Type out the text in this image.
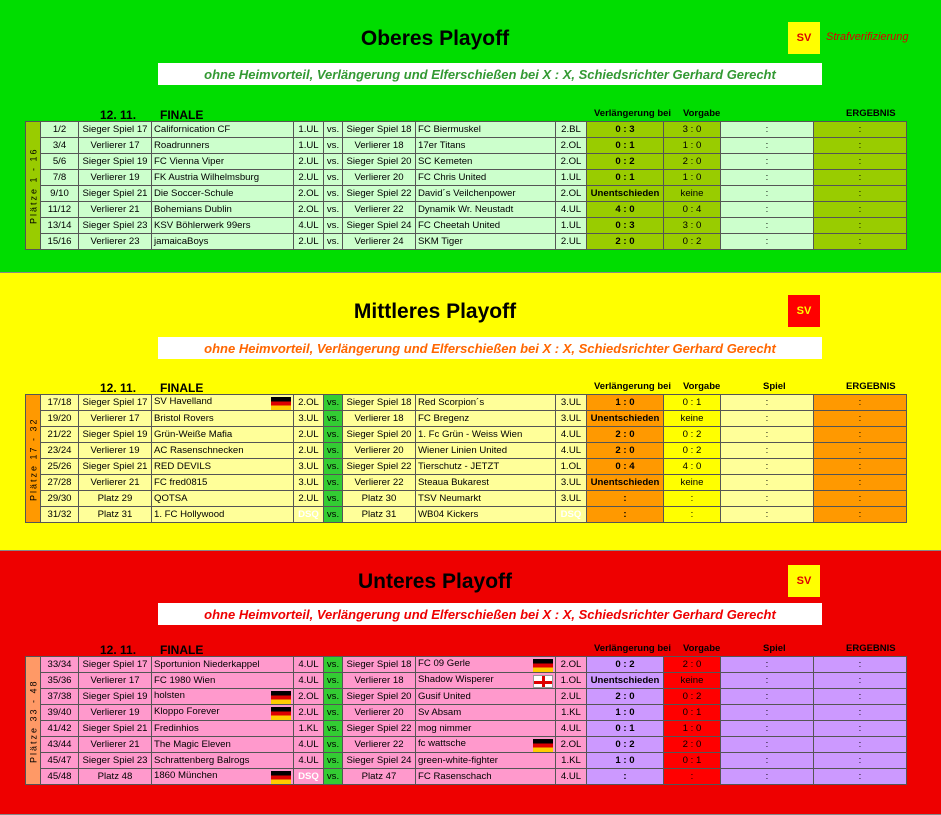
Oberes Playoff	SV	Strafverifizierung
ohne Heimvorteil, Verlängerung und Elferschießen bei X : X, Schiedsrichter Gerhard Gerecht
12. 11. FINALE	Verlängerung bei Vorgabe	ERGEBNIS
Plätze 1 - 16	1/2	Sieger Spiel 17	Californication CF	1.UL	vs.	Sieger Spiel 18	FC Biermuskel	2.BL	0 : 3	3 : 0	:	:
	3/4	Verlierer 17	Roadrunners	1.UL	vs.	Verlierer 18	17er Titans	2.OL	0 : 1	1 : 0	:	:
	5/6	Sieger Spiel 19	FC Vienna Viper	2.UL	vs.	Sieger Spiel 20	SC Kemeten	2.OL	0 : 2	2 : 0	:	:
	7/8	Verlierer 19	FK Austria Wilhelmsburg	2.UL	vs.	Verlierer 20	FC Chris United	1.UL	0 : 1	1 : 0	:	:
	9/10	Sieger Spiel 21	Die Soccer-Schule	2.OL	vs.	Sieger Spiel 22	David´s Veilchenpower	2.OL	Unentschieden	keine	:	:
	11/12	Verlierer 21	Bohemians Dublin	2.OL	vs.	Verlierer 22	Dynamik Wr. Neustadt	4.UL	4 : 0	0 : 4	:	:
	13/14	Sieger Spiel 23	KSV Böhlerwerk 99ers	4.UL	vs.	Sieger Spiel 24	FC Cheetah United	1.UL	0 : 3	3 : 0	:	:
	15/16	Verlierer 23	jamaicaBoys	2.UL	vs.	Verlierer 24	SKM Tiger	2.UL	2 : 0	0 : 2	:	:
Mittleres Playoff	SV
ohne Heimvorteil, Verlängerung und Elferschießen bei X : X, Schiedsrichter Gerhard Gerecht
12. 11. FINALE	Verlängerung bei Vorgabe	Spiel	ERGEBNIS
Plätze 17 - 32	17/18	Sieger Spiel 17	SV Havelland	2.OL	vs.	Sieger Spiel 18	Red Scorpion´s	3.UL	1 : 0	0 : 1	:	:
	19/20	Verlierer 17	Bristol Rovers	3.UL	vs.	Verlierer 18	FC Bregenz	3.UL	Unentschieden	keine	:	:
	21/22	Sieger Spiel 19	Grün-Weiße Mafia	2.UL	vs.	Sieger Spiel 20	1. Fc Grün - Weiss Wien	4.UL	2 : 0	0 : 2	:	:
	23/24	Verlierer 19	AC Rasenschnecken	2.UL	vs.	Verlierer 20	Wiener Linien United	4.UL	2 : 0	0 : 2	:	:
	25/26	Sieger Spiel 21	RED DEVILS	3.UL	vs.	Sieger Spiel 22	Tierschutz - JETZT	1.OL	0 : 4	4 : 0	:	:
	27/28	Verlierer 21	FC fred0815	3.UL	vs.	Verlierer 22	Steaua Bukarest	3.UL	Unentschieden	keine	:	:
	29/30	Platz 29	QOTSA	2.UL	vs.	Platz 30	TSV Neumarkt	3.UL	:	:	:	:
	31/32	Platz 31	1. FC Hollywood	DSQ	vs.	Platz 31	WB04 Kickers	DSQ	:	:	:	:
Unteres Playoff	SV
ohne Heimvorteil, Verlängerung und Elferschießen bei X : X, Schiedsrichter Gerhard Gerecht
12. 11. FINALE	Verlängerung bei Vorgabe	Spiel	ERGEBNIS
Plätze 33 - 48	33/34	Sieger Spiel 17	Sportunion Niederkappel	4.UL	vs.	Sieger Spiel 18	FC 09 Gerle	2.OL	0 : 2	2 : 0	:	:
	35/36	Verlierer 17	FC 1980 Wien	4.UL	vs.	Verlierer 18	Shadow Wisperer	1.OL	Unentschieden	keine	:	:
	37/38	Sieger Spiel 19	holsten	2.OL	vs.	Sieger Spiel 20	Gusif United	2.UL	2 : 0	0 : 2	:	:
	39/40	Verlierer 19	Kloppo Forever	2.UL	vs.	Verlierer 20	Sv Absam	1.KL	1 : 0	0 : 1	:	:
	41/42	Sieger Spiel 21	Fredinhios	1.KL	vs.	Sieger Spiel 22	mog nimmer	4.UL	0 : 1	1 : 0	:	:
	43/44	Verlierer 21	The Magic Eleven	4.UL	vs.	Verlierer 22	fc wattsche	2.OL	0 : 2	2 : 0	:	:
	45/47	Sieger Spiel 23	Schrattenberg Balrogs	4.UL	vs.	Sieger Spiel 24	green-white-fighter	1.KL	1 : 0	0 : 1	:	:
	45/48	Platz 48	1860 München	DSQ	vs.	Platz 47	FC Rasenschach	4.UL	:	:	:	:
